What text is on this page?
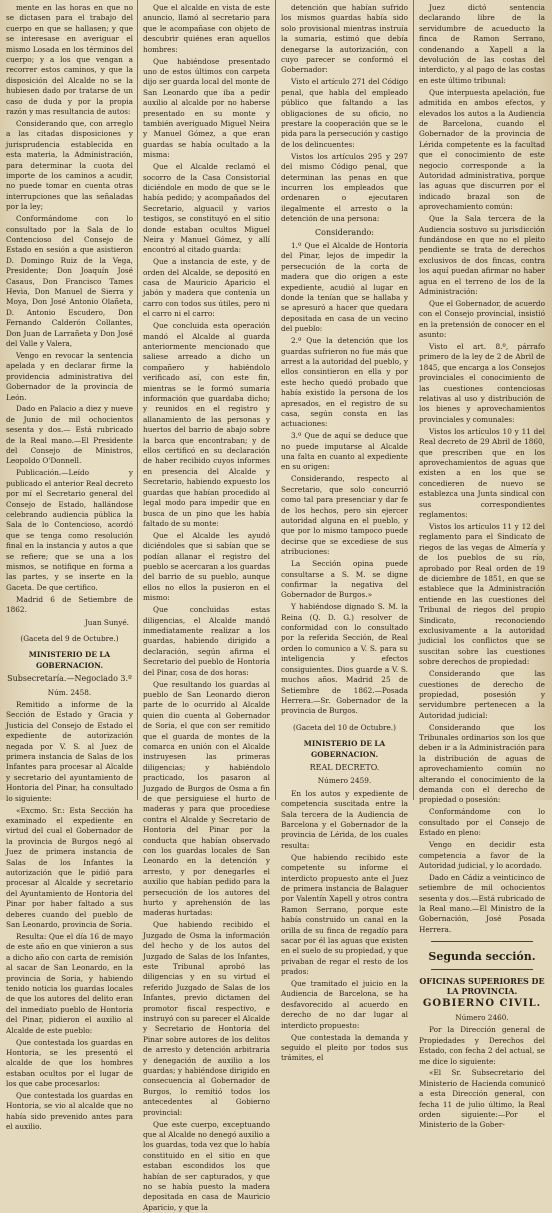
mente en las horas en que no se dictasen para el trabajo del cuerpo en que se hallasen; y que se interesase en averiguar el mismo Losada en los términos del cuerpo; y a los que vengan a recorrer estos caminos, y que la disposición del Alcalde no se la hubiesen dado por tratarse de un caso de duda y por la propia razón y mas resultancia de autos:

Considerando que, con arreglo a las citadas disposiciones y jurisprudencia establecida en esta materia, la Administración, para determinar la cuota del importe de los caminos a acudir, no puede tomar en cuenta otras interrupciones que las señaladas por la ley;

Conformándome con lo consultado por la Sala de lo Contencioso del Consejo de Estado en sesión a que asistieron D. Domingo Ruiz de la Vega, Presidente; Don Joaquín José Casaus, Don Francisco Tames Hevia, Don Manuel de Sierra y Moya, Don José Antonio Olañeta, D. Antonio Escudero, Don Fernando Calderón Collantes, Don Juan de Larrañeta y Don José del Valle y Valera,

Vengo en revocar la sentencia apelada y en declarar firme la providencia administrativa del Gobernador de la provincia de León.

Dado en Palacio a diez y nueve de Junio de mil ochocientos sesenta y dos.— Está rubricado de la Real mano.—El Presidente del Consejo de Ministros, Leopoldo O'Donnell.

Publicación.—Leído y publicado el anterior Real decreto por mí el Secretario general del Consejo de Estado, hallándose celebrando audiencia pública la Sala de lo Contencioso, acordó que se tenga como resolución final en la instancia y autos a que se refiere; que se una a los mismos, se notifique en forma a las partes, y se inserte en la Gaceta. De que certifico.

Madrid 6 de Setiembre de 1862.

Juan Sunyé.
(Gaceta del 9 de Octubre.)
MINISTERIO DE LA GOBERNACION.
Subsecretaría.—Negociado 3.º
Núm. 2458.

Remitido a informe de la Sección de Estado y Gracia y Justicia del Consejo de Estado el expediente de autorización negada por V. S. al Juez de primera instancia de Salas de los Infantes para procesar al Alcalde y secretario del ayuntamiento de Hontoria del Pinar, ha consultado lo siguiente:

«Excmo. Sr.: Esta Sección ha examinado el expediente en virtud del cual el Gobernador de la provincia de Burgos negó al Juez de primera instancia de Salas de los Infantes la autorización que le pidió para procesar al Alcalde y secretario del Ayuntamiento de Hontoria del Pinar por haber faltado a sus deberes cuando del pueblo de San Leonardo, provincia de Soria.

Resulta: Que el día 16 de mayo de este año en que vinieron a sus a dicho año con carta de remisión al sacar de San Leonardo, en la provincia de Soria, y habiendo tenido noticia los guardas locales de que los autores del delito eran del inmediato pueblo de Hontoria del Pinar, pidieron el auxilio al Alcalde de este pueblo:

Que contestada los guardas en Hontoria, se les presentó el alcalde de que los hombres estaban ocultos por el lugar de los que cabe procesarlos:

Que contestada los guardas en Hontoria, se vio al alcalde que no había sido prevenido antes para el auxilio.

Que el alcalde en vista de este anuncio, llamó al secretario para que le acompañase con objeto de descubrir quiénes eran aquellos hombres:

Que habiéndose presentado uno de estos últimos con carpeta dijo ser guarda local del monte de San Leonardo que iba a pedir auxilio al alcalde por no haberse presentado en su monte y también averiguado Miguel Neira y Manuel Gómez, a que eran guardas se había ocultado a la misma:

Que el Alcalde reclamó el socorro de la Casa Consistorial diciéndole en modo de que se le había pedido; y acompañados del Secretario, alguacil y varios testigos, se constituyó en el sitio donde estaban ocultos Miguel Neira y Manuel Gómez, y allí encontró al citado guarda:

Que a instancia de este, y de orden del Alcalde, se depositó en casa de Mauricio Aparicio el jabón y madera que contenía un carro con todos sus útiles, pero ni el carro ni el carro:

Que concluida esta operación mandó el Alcalde al guarda anteriormente mencionado que saliese arreado a dicho un compañero y habiéndolo verificado así, con este fin, mientras se le formó sumaria información que guardaba dicho; y reunidos en el registro y allanamiento de las personas y huertos del barrio de abajo sobre la barca que encontraban; y de ellos certificó en su declaración de haber recibido cuyos informes en presencia del Alcalde y Secretario, habiendo expuesto los guardas que habían procedido al legal modo para impedir que en busca de un pino que les había faltado de su monte:

Que el Alcalde les ayudó diciéndoles que si sabían que se podían allanar el registro del pueblo se acercaran a los guardas del barrio de su pueblo, aunque ellos no ellos la pusieron en el mismo:

Que concluidas estas diligencias, el Alcalde mandó inmediatamente realizar a los guardas, habiendo dirigido a declaración, según afirma el Secretario del pueblo de Hontoria del Pinar, cosa de dos horas:

Que resultando los guardas al pueblo de San Leonardo dieron parte de lo ocurrido al Alcalde quien dio cuenta al Gobernador de Soria, el que con ser remitido que el guarda de montes de la comarca en unión con el Alcalde instruyesen las primeras diligencias; y habiéndolo practicado, los pasaron al Juzgado de Burgos de Osma a fin de que persiguiese el hurto de maderas y para que procediese contra el Alcalde y Secretario de Hontoria del Pinar por la conducta que habían observado con los guardas locales de San Leonardo en la detención y arresto, y por denegarles el auxilio que habían pedido para la persecución de los autores del hurto y aprehensión de las maderas hurtadas:

Que habiendo recibido el Juzgado de Osma la información del hecho y de los autos del Juzgado de Salas de los Infantes, este Tribunal aprobó las diligencias y en su virtud el referido Juzgado de Salas de los Infantes, previo dictamen del promotor fiscal respectivo, e instruyó con su parecer el Alcalde y Secretario de Hontoria del Pinar sobre autores de los delitos de arresto y detención arbitraria y denegación de auxilio a los guardas; y habiéndose dirigido en consecuencia al Gobernador de Burgos, lo remitió todos los antecedentes al Gobierno provincial:

Que este cuerpo, exceptuando que al Alcalde no denegó auxilio a los guardas, toda vez que lo había constituido en el sitio en que estaban escondidos los que habían de ser capturados, y que no se había puesto la madera depositada en casa de Mauricio Aparicio, y que la

detención que habían sufrido los mismos guardas había sido solo provisional mientras instruía la sumaria, estimó que debía denegarse la autorización, con cuyo parecer se conformó el Gobernador:

Visto el artículo 271 del Código penal, que habla del empleado público que faltando a las obligaciones de su oficio, no prestare la cooperación que se le pida para la persecución y castigo de los delincuentes:

Vistos los artículos 295 y 297 del mismo Código penal, que determinan las penas en que incurren los empleados que ordenaren o ejecutaren ilegalmente el arresto o la detención de una persona:

Considerando:

1.º Que el Alcalde de Hontoria del Pinar, lejos de impedir la persecución de la corta de madera que dio origen a este expediente, acudió al lugar en donde la tenían que se hallaba y se apresuró a hacer que quedara depositada en casa de un vecino del pueblo:

2.º Que la detención que los guardas sufrieron no fue más que arrest a la autoridad del pueblo, y ellos consintieron en ella y por este hecho quedó probado que había existido la persona de los apresados, en el registro de su casa, según consta en las actuaciones:

3.º Que de aquí se deduce que no puede imputarse al Alcalde una falta en cuanto al expediente en su origen:

Considerando, respecto al Secretario, que solo concurrió como tal para presenciar y dar fe de los hechos, pero sin ejercer autoridad alguna en el pueblo, y que por lo mismo tampoco puede decirse que se excediese de sus atribuciones:

La Sección opina puede consultarse a S. M. se digne confirmar la negativa del Gobernador de Burgos.»

Y habiéndose dignado S. M. la Reina (Q. D. G.) resolver de conformidad con lo consultado por la referida Sección, de Real orden lo comunico a V. S. para su inteligencia y efectos consiguientes. Dios guarde a V. S. muchos años. Madrid 25 de Setiembre de 1862.—Posada Herrera.—Sr. Gobernador de la provincia de Burgos.

(Gaceta del 10 de Octubre.)
MINISTERIO DE LA GOBERNACION.
REAL DECRETO.
Número 2459.

En los autos y expediente de competencia suscitada entre la Sala tercera de la Audiencia de Barcelona y el Gobernador de la provincia de Lérida, de los cuales resulta:

Que habiendo recibido este competente su informe el interdicto propuesto ante el Juez de primera instancia de Balaguer por Valentín Xapell y otros contra Ramon Serrano, porque este había construido un canal en la orilla de su finca de regadío para sacar por él las aguas que existen en el suelo de su propiedad, y que privaban de regar el resto de los prados:

Que tramitado el juicio en la Audiencia de Barcelona, se ha desfavorecido al acuerdo en derecho de no dar lugar al interdicto propuesto:

Que contestada la demanda y seguido el pleito por todos sus trámites, el

Juez dictó sentencia declarando libre de la servidumbre de acueducto la finca de Ramon Serrano, condenando a Xapell a la devolución de las costas del interdicto, y al pago de las costas en este último tribunal:

Que interpuesta apelación, fue admitida en ambos efectos, y elevados los autos a la Audiencia de Barcelona, cuando el Gobernador de la provincia de Lérida competente es la facultad que el conocimiento de este negocio corresponde a la Autoridad administrativa, porque las aguas que discurren por el indicado brazal son de aprovechamiento común:

Que la Sala tercera de la Audiencia sostuvo su jurisdicción fundándose en que no el pleito pendiente se trata de derechos exclusivos de dos fincas, contra los aquí puedan afirmar no haber agua en el terreno de los de la Administración:

Que el Gobernador, de acuerdo con el Consejo provincial, insistió en la pretensión de conocer en el asunto:

Visto el art. 8.º, párrafo primero de la ley de 2 de Abril de 1845, que encarga a los Consejos provinciales el conocimiento de las cuestiones contenciosas relativas al uso y distribución de los bienes y aprovechamientos provinciales y comunales:

Vistos los artículos 10 y 11 del Real decreto de 29 Abril de 1860, que prescriben que en los aprovechamientos de aguas que existen a en los que se concedieren de nuevo se establezca una Junta sindical con sus correspondientes reglamentos:

Vistos los artículos 11 y 12 del reglamento para el Sindicato de riegos de las vegas de Almería y de los pueblos de su río, aprobado por Real orden de 19 de diciembre de 1851, en que se establece que la Administración entiende en las cuestiones del Tribunal de riegos del propio Sindicato, reconociendo exclusivamente a la autoridad judicial los conflictos que se suscitan sobre las cuestiones sobre derechos de propiedad:

Considerando que las cuestiones de derecho de propiedad, posesión y servidumbre pertenecen a la Autoridad judicial:

Considerando que los Tribunales ordinarios son los que deben ir a la Administración para la distribución de aguas de aprovechamiento común no alterando el conocimiento de la demanda con el derecho de propiedad o posesión:

Conformándome con lo consultado por el Consejo de Estado en pleno:

Vengo en decidir esta competencia a favor de la Autoridad judicial, y lo acordado.

Dado en Cádiz a veinticinco de setiembre de mil ochocientos sesenta y dos.—Está rubricado de la Real mano.—El Ministro de la Gobernación, José Posada Herrera.

Segunda sección.
OFICINAS SUPERIORES DE LA PROVINCIA.
GOBIERNO CIVIL.
Número 2460.

Por la Dirección general de Propiedades y Derechos del Estado, con fecha 2 del actual, se me dice lo siguiente:

«El Sr. Subsecretario del Ministerio de Hacienda comunicó a esta Dirección general, con fecha 11 de julio último, la Real orden siguiente:—Por el Ministerio de la Gober-
